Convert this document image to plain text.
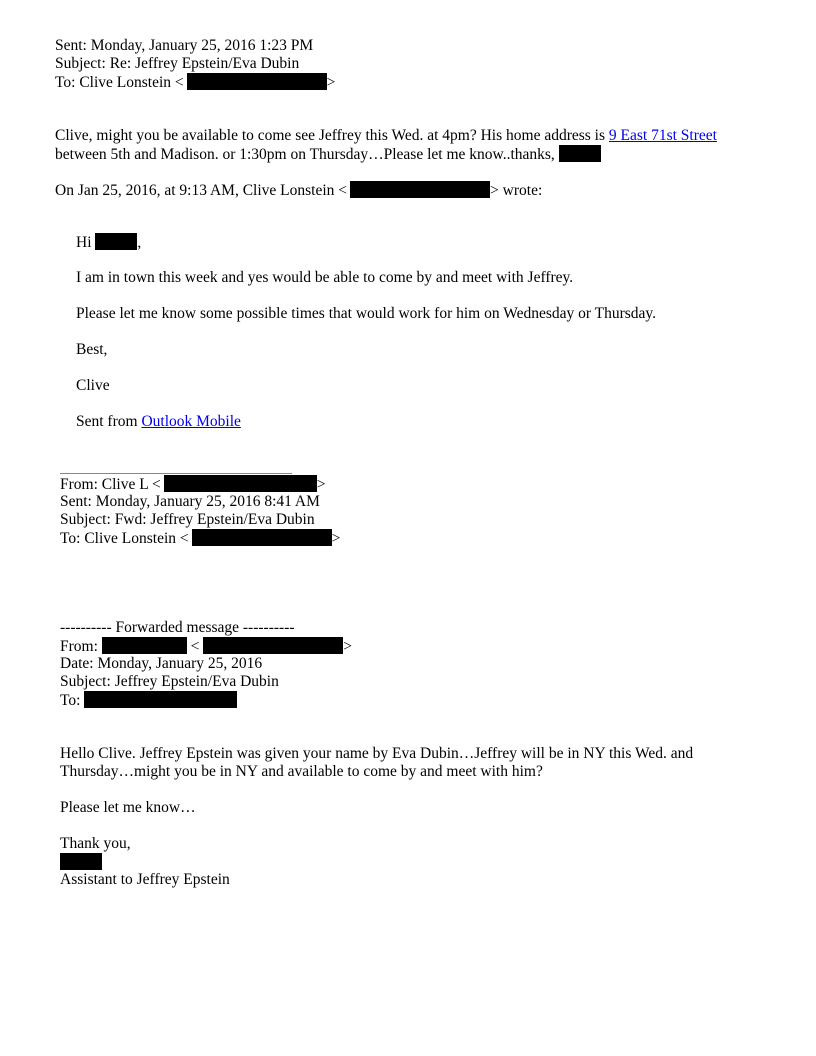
Sent: Monday, January 25, 2016 1:23 PM
Subject: Re: Jeffrey Epstein/Eva Dubin
To: Clive Lonstein <	>
Clive, might you be available to come see Jeffrey this Wed. at 4pm? His home address is 9 East 71st Street
between 5th and Madison. or 1:30pm on Thursday…Please let me know..thanks,
On Jan 25, 2016, at 9:13 AM, Clive Lonstein <	> wrote:
Hi	,
I am in town this week and yes would be able to come by and meet with Jeffrey.
Please let me know some possible times that would work for him on Wednesday or Thursday.
Best,
Clive
Sent from Outlook Mobile
From: Clive L <	>
Sent: Monday, January 25, 2016 8:41 AM
Subject: Fwd: Jeffrey Epstein/Eva Dubin
To: Clive Lonstein <	>
---------- Forwarded message ----------
From:	<	>
Date: Monday, January 25, 2016
Subject: Jeffrey Epstein/Eva Dubin
To:
Hello Clive. Jeffrey Epstein was given your name by Eva Dubin…Jeffrey will be in NY this Wed. and
Thursday…might you be in NY and available to come by and meet with him?
Please let me know…
Thank you,
Assistant to Jeffrey Epstein
